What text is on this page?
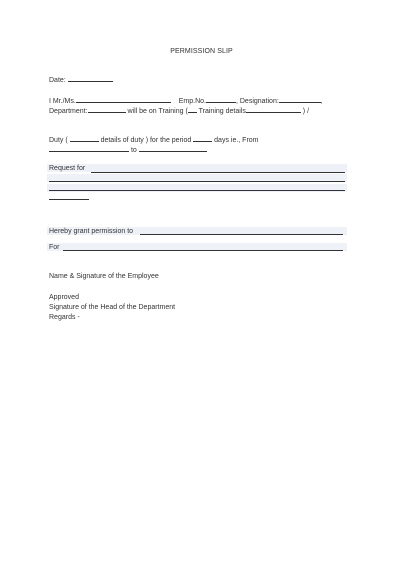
PERMISSION SLIP
Date:
I Mr./Ms.	Emp.No.	, Designation:	,
Department:	will be on Training ( Training details	) /
Duty (	details of duty ) for the period	days ie., From
to
Request for
Hereby grant permission to
For
Name & Signature of the Employee
Approved
Signature of the Head of the Department
Regards -
